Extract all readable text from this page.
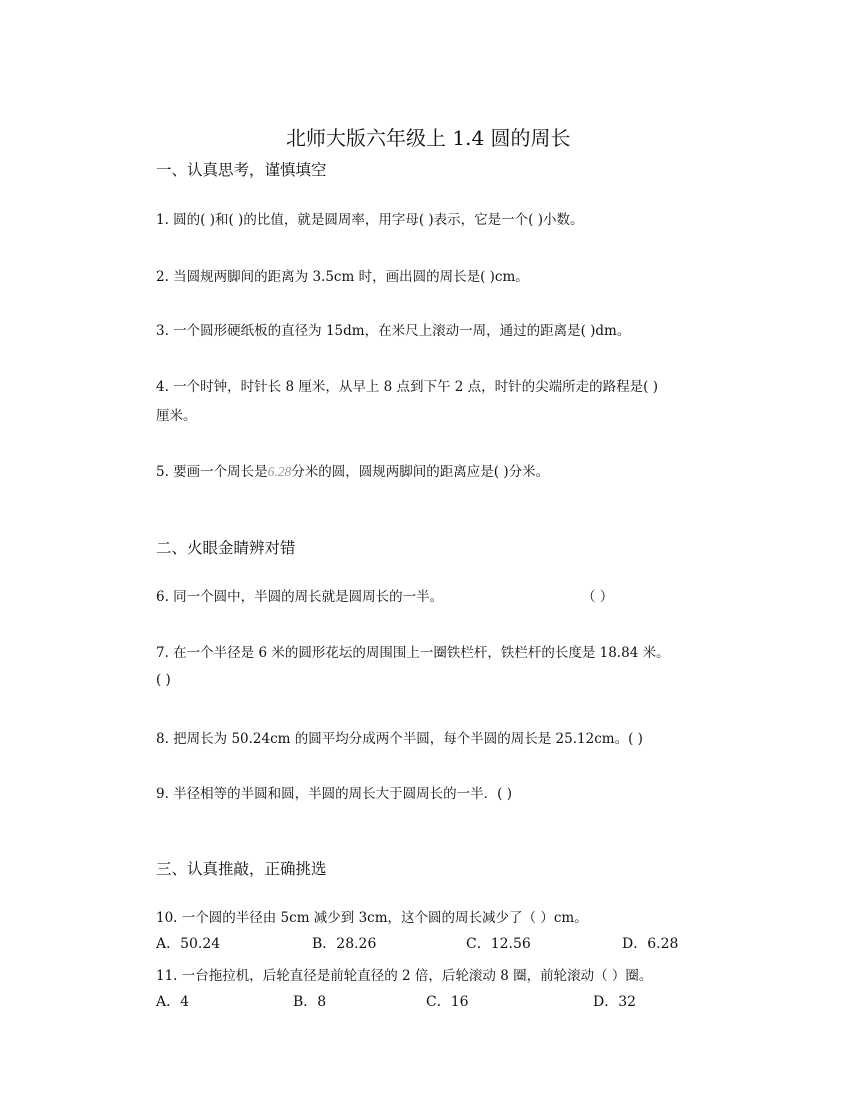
北师大版六年级上 1.4 圆的周长
一、认真思考，谨慎填空
1. 圆的( )和( )的比值，就是圆周率，用字母( )表示，它是一个( )小数。
2. 当圆规两脚间的距离为 3.5cm 时，画出圆的周长是( )cm。
3. 一个圆形硬纸板的直径为 15dm，在米尺上滚动一周，通过的距离是( )dm。
4. 一个时钟，时针长 8 厘米，从早上 8 点到下午 2 点，时针的尖端所走的路程是( )
厘米。
5. 要画一个周长是6.28分米的圆，圆规两脚间的距离应是( )分米。
二、火眼金睛辨对错
6. 同一个圆中，半圆的周长就是圆周长的一半。	（ ）
7. 在一个半径是 6 米的圆形花坛的周围围上一圈铁栏杆，铁栏杆的长度是 18.84 米。
( )
8. 把周长为 50.24cm 的圆平均分成两个半圆，每个半圆的周长是 25.12cm。( )
9. 半径相等的半圆和圆，半圆的周长大于圆周长的一半．( )
三、认真推敲，正确挑选
10. 一个圆的半径由 5cm 减少到 3cm，这个圆的周长减少了（ ）cm。
A．50.24	B．28.26	C．12.56	D．6.28
11. 一台拖拉机，后轮直径是前轮直径的 2 倍，后轮滚动 8 圈，前轮滚动（ ）圈。
A．4	B．8	C．16	D．32
